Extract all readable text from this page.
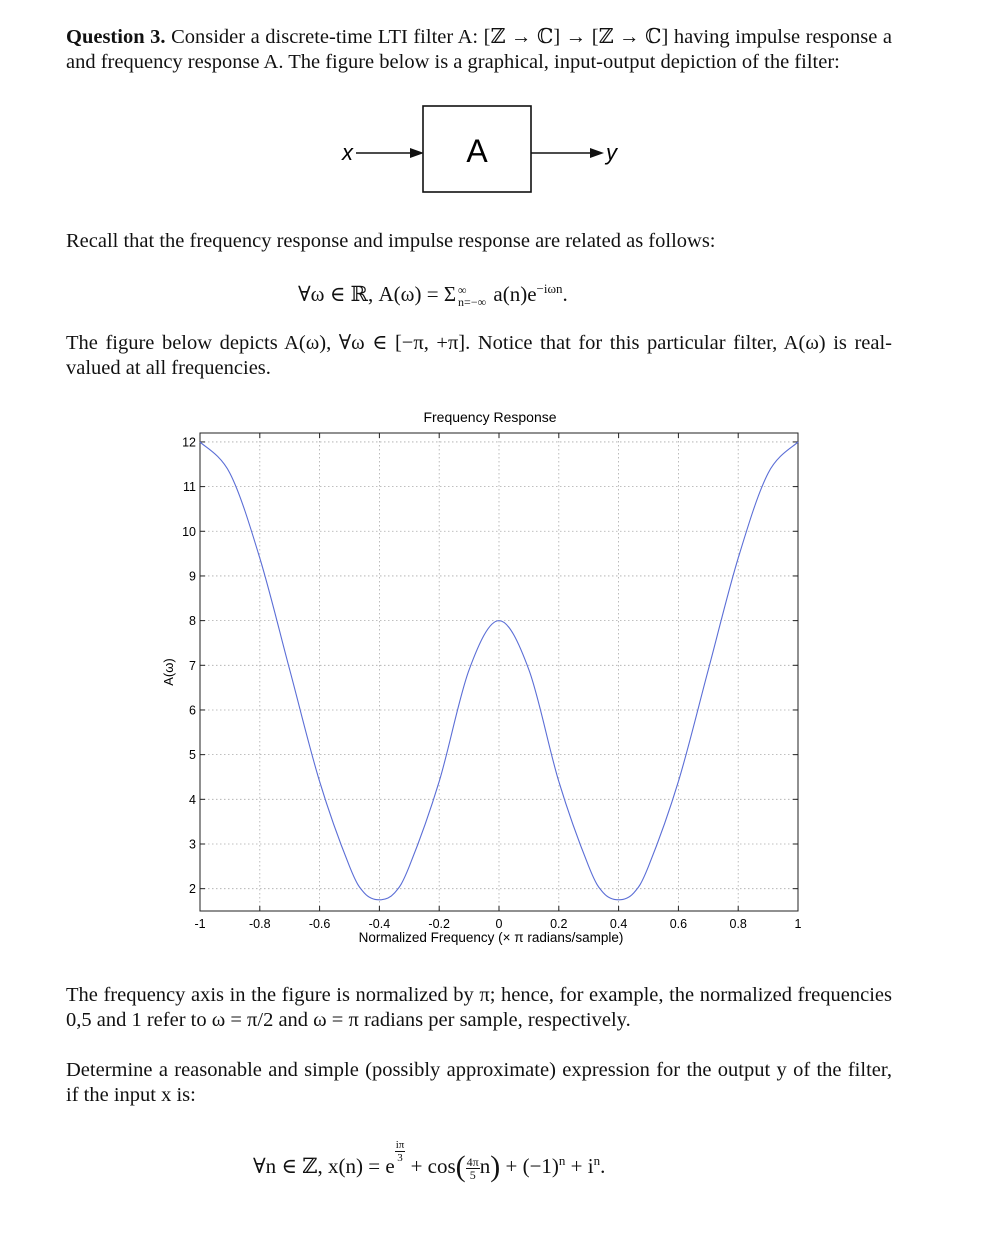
Question 3. Consider a discrete-time LTI filter A: [ℤ → ℂ] → [ℤ → ℂ] having impulse response a and frequency response A. The figure below is a graphical, input-output depiction of the filter:
x	A	y
Recall that the frequency response and impulse response are related as follows:
∀ω ∈ ℝ, A(ω) = Σ ∞
n=−∞ $a(n)e^{-i\omega n}$.
The figure below depicts A(ω), ∀ω ∈ [−π, +π]. Notice that for this particular filter, A(ω) is real-valued at all frequencies.
Frequency Response
-1	-0.8	-0.6	-0.4	-0.2	0	0.2	0.4	0.6	0.8	1
2
3
4
5
6
7
8
9
10
11
12
Normalized Frequency (× π radians/sample)
A(ω)
The frequency axis in the figure is normalized by π; hence, for example, the normalized frequencies 0,5 and 1 refer to ω = π/2 and ω = π radians per sample, respectively.
Determine a reasonable and simple (possibly approximate) expression for the output y of the filter, if the input x is:
∀n ∈ ℤ, x(n) = e
$\frac{i\pi}{3}$
+ $\cos( \frac{4\pi}{5} n) + (-1)^n + i^n$.
